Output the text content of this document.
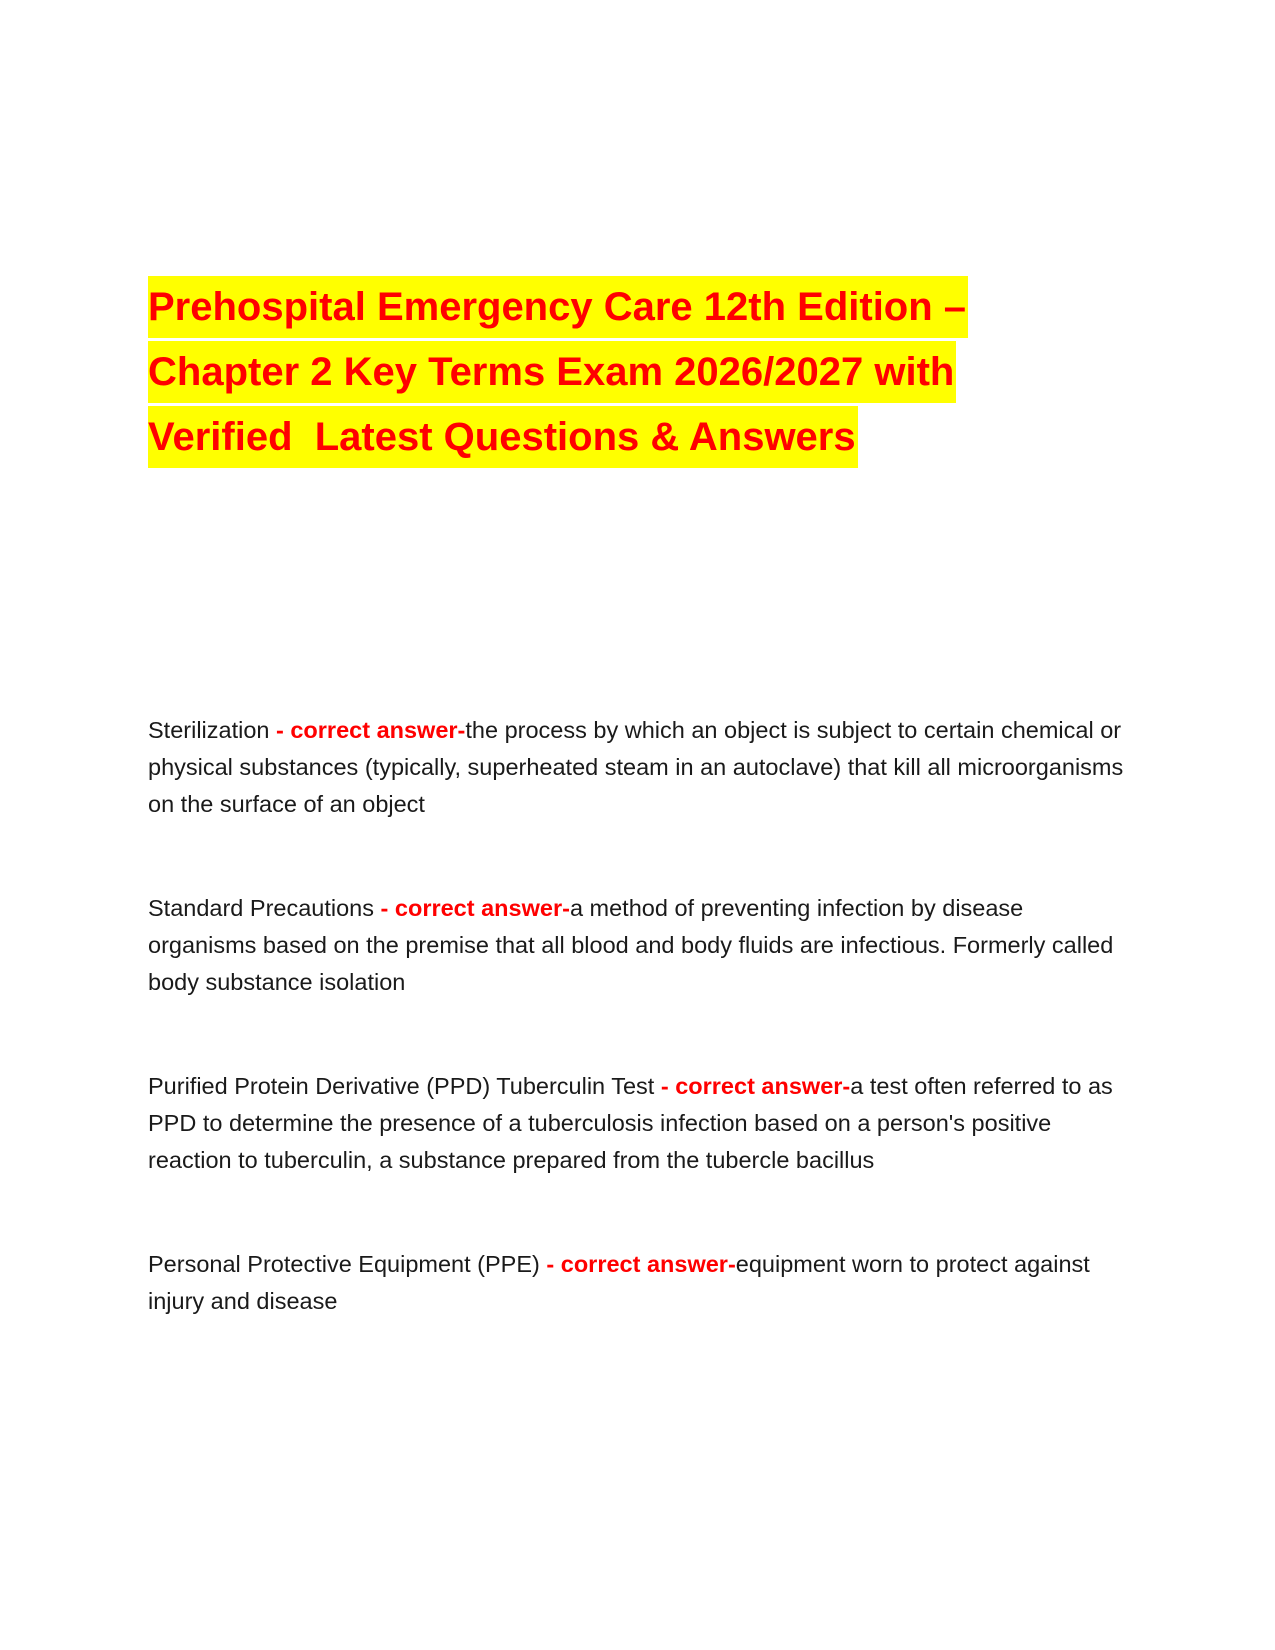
Prehospital Emergency Care 12th Edition –
Chapter 2 Key Terms Exam 2026/2027 with
Verified  Latest Questions & Answers

Sterilization - correct answer-the process by which an object is subject to certain chemical or physical substances (typically, superheated steam in an autoclave) that kill all microorganisms on the surface of an object

Standard Precautions - correct answer-a method of preventing infection by disease organisms based on the premise that all blood and body fluids are infectious. Formerly called body substance isolation

Purified Protein Derivative (PPD) Tuberculin Test - correct answer-a test often referred to as PPD to determine the presence of a tuberculosis infection based on a person's positive reaction to tuberculin, a substance prepared from the tubercle bacillus

Personal Protective Equipment (PPE) - correct answer-equipment worn to protect against injury and disease
